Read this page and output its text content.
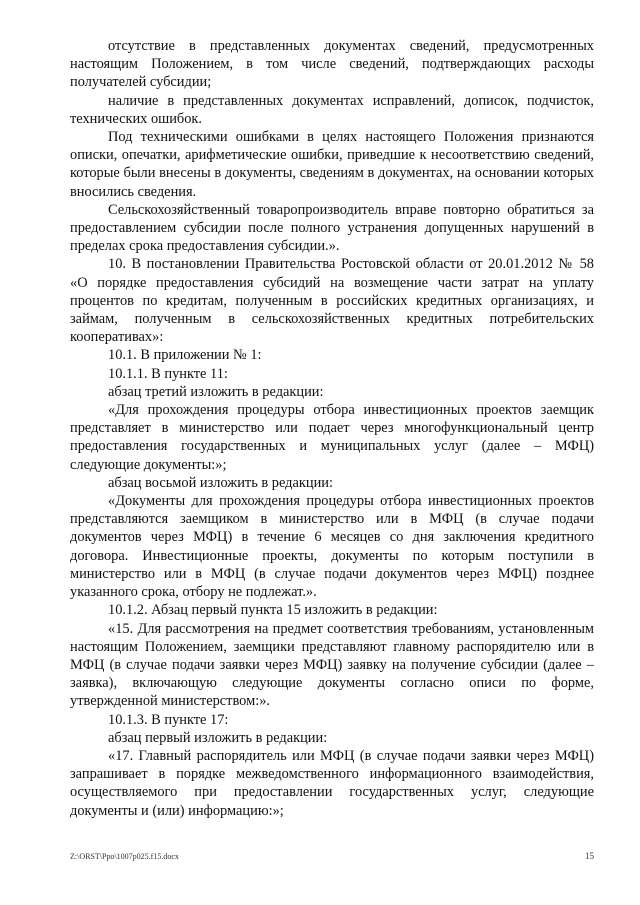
отсутствие в представленных документах сведений, предусмотренных настоящим Положением, в том числе сведений, подтверждающих расходы получателей субсидии;

наличие в представленных документах исправлений, дописок, подчисток, технических ошибок.

Под техническими ошибками в целях настоящего Положения признаются описки, опечатки, арифметические ошибки, приведшие к несоответствию сведений, которые были внесены в документы, сведениям в документах, на основании которых вносились сведения.

Сельскохозяйственный товаропроизводитель вправе повторно обратиться за предоставлением субсидии после полного устранения допущенных нарушений в пределах срока предоставления субсидии.».

10. В постановлении Правительства Ростовской области от 20.01.2012 № 58 «О порядке предоставления субсидий на возмещение части затрат на уплату процентов по кредитам, полученным в российских кредитных организациях, и займам, полученным в сельскохозяйственных кредитных потребительских кооперативах»:

10.1. В приложении № 1:

10.1.1. В пункте 11:

абзац третий изложить в редакции:

«Для прохождения процедуры отбора инвестиционных проектов заемщик представляет в министерство или подает через многофункциональный центр предоставления государственных и муниципальных услуг (далее – МФЦ) следующие документы:»;

абзац восьмой изложить в редакции:

«Документы для прохождения процедуры отбора инвестиционных проектов представляются заемщиком в министерство или в МФЦ (в случае подачи документов через МФЦ) в течение 6 месяцев со дня заключения кредитного договора. Инвестиционные проекты, документы по которым поступили в министерство или в МФЦ (в случае подачи документов через МФЦ) позднее указанного срока, отбору не подлежат.».

10.1.2. Абзац первый пункта 15 изложить в редакции:

«15. Для рассмотрения на предмет соответствия требованиям, установленным настоящим Положением, заемщики представляют главному распорядителю или в МФЦ (в случае подачи заявки через МФЦ) заявку на получение субсидии (далее – заявка), включающую следующие документы согласно описи по форме, утвержденной министерством:».

10.1.3. В пункте 17:

абзац первый изложить в редакции:

«17. Главный распорядитель или МФЦ (в случае подачи заявки через МФЦ) запрашивает в порядке межведомственного информационного взаимодействия, осуществляемого при предоставлении государственных услуг, следующие документы и (или) информацию:»;

Z:\ORST\Ppo\1007p025.f15.docx	15
